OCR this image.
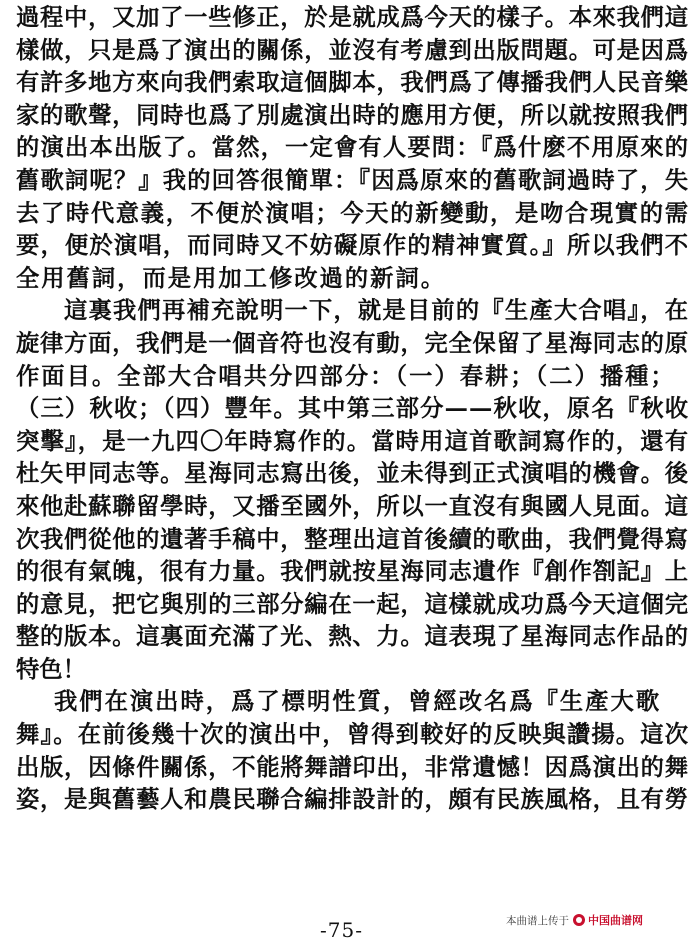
過程中，又加了一些修正，於是就成爲今天的樣子。本來我們這
樣做，只是爲了演出的關係，並沒有考慮到出版問題。可是因爲
有許多地方來向我們索取這個脚本，我們爲了傳播我們人民音樂
家的歌聲，同時也爲了別處演出時的應用方便，所以就按照我們
的演出本出版了。當然，一定會有人要問：『爲什麽不用原來的
舊歌詞呢？』我的回答很簡單：『因爲原來的舊歌詞過時了，失
去了時代意義，不便於演唱；今天的新變動，是吻合現實的需
要，便於演唱，而同時又不妨礙原作的精神實質。』所以我們不
全用舊詞，而是用加工修改過的新詞。
這裏我們再補充說明一下，就是目前的『生產大合唱』，在
旋律方面，我們是一個音符也沒有動，完全保留了星海同志的原
作面目。全部大合唱共分四部分：（一）春耕；（二）播種；
（三）秋收；（四）豐年。其中第三部分——秋收，原名『秋收
突擊』，是一九四〇年時寫作的。當時用這首歌詞寫作的，還有
杜矢甲同志等。星海同志寫出後，並未得到正式演唱的機會。後
來他赴蘇聯留學時，又播至國外，所以一直沒有與國人見面。這
次我們從他的遺著手稿中，整理出這首後續的歌曲，我們覺得寫
的很有氣魄，很有力量。我們就按星海同志遺作『創作劄記』上
的意見，把它與別的三部分編在一起，這樣就成功爲今天這個完
整的版本。這裏面充滿了光、熱、力。這表現了星海同志作品的
特色！
我們在演出時，爲了標明性質，曾經改名爲『生產大歌
舞』。在前後幾十次的演出中，曾得到較好的反映與讚揚。這次
出版，因條件關係，不能將舞譜印出，非常遺憾！因爲演出的舞
姿，是與舊藝人和農民聯合編排設計的，頗有民族風格，且有勞
本曲谱上传于 中国曲谱网
-75-
